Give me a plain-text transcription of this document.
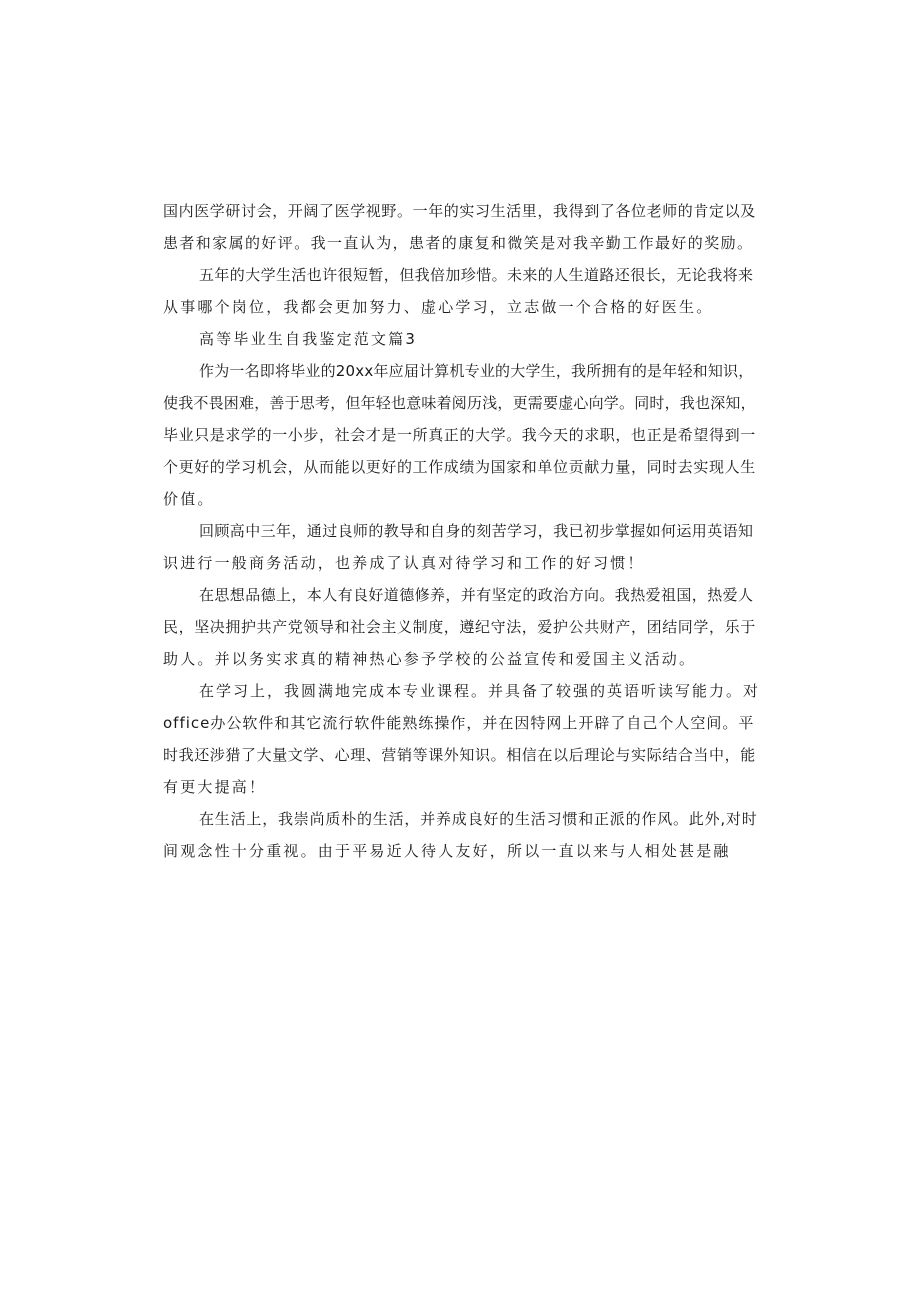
国内医学研讨会，开阔了医学视野。一年的实习生活里，我得到了各位老师的肯定以及
患者和家属的好评。我一直认为，患者的康复和微笑是对我辛勤工作最好的奖励。
五年的大学生活也许很短暂，但我倍加珍惜。未来的人生道路还很长，无论我将来
从事哪个岗位，我都会更加努力、虚心学习，立志做一个合格的好医生。
高等毕业生自我鉴定范文篇3
作为一名即将毕业的20xx年应届计算机专业的大学生，我所拥有的是年轻和知识，
使我不畏困难，善于思考，但年轻也意味着阅历浅，更需要虚心向学。同时，我也深知，
毕业只是求学的一小步，社会才是一所真正的大学。我今天的求职，也正是希望得到一
个更好的学习机会，从而能以更好的工作成绩为国家和单位贡献力量，同时去实现人生
价值。
回顾高中三年，通过良师的教导和自身的刻苦学习，我已初步掌握如何运用英语知
识进行一般商务活动，也养成了认真对待学习和工作的好习惯！
在思想品德上，本人有良好道德修养，并有坚定的政治方向。我热爱祖国，热爱人
民，坚决拥护共产党领导和社会主义制度，遵纪守法，爱护公共财产，团结同学，乐于
助人。并以务实求真的精神热心参予学校的公益宣传和爱国主义活动。
在学习上，我圆满地完成本专业课程。并具备了较强的英语听读写能力。对
office办公软件和其它流行软件能熟练操作，并在因特网上开辟了自己个人空间。平
时我还涉猎了大量文学、心理、营销等课外知识。相信在以后理论与实际结合当中，能
有更大提高！
在生活上，我崇尚质朴的生活，并养成良好的生活习惯和正派的作风。此外,对时
间观念性十分重视。由于平易近人待人友好，所以一直以来与人相处甚是融
